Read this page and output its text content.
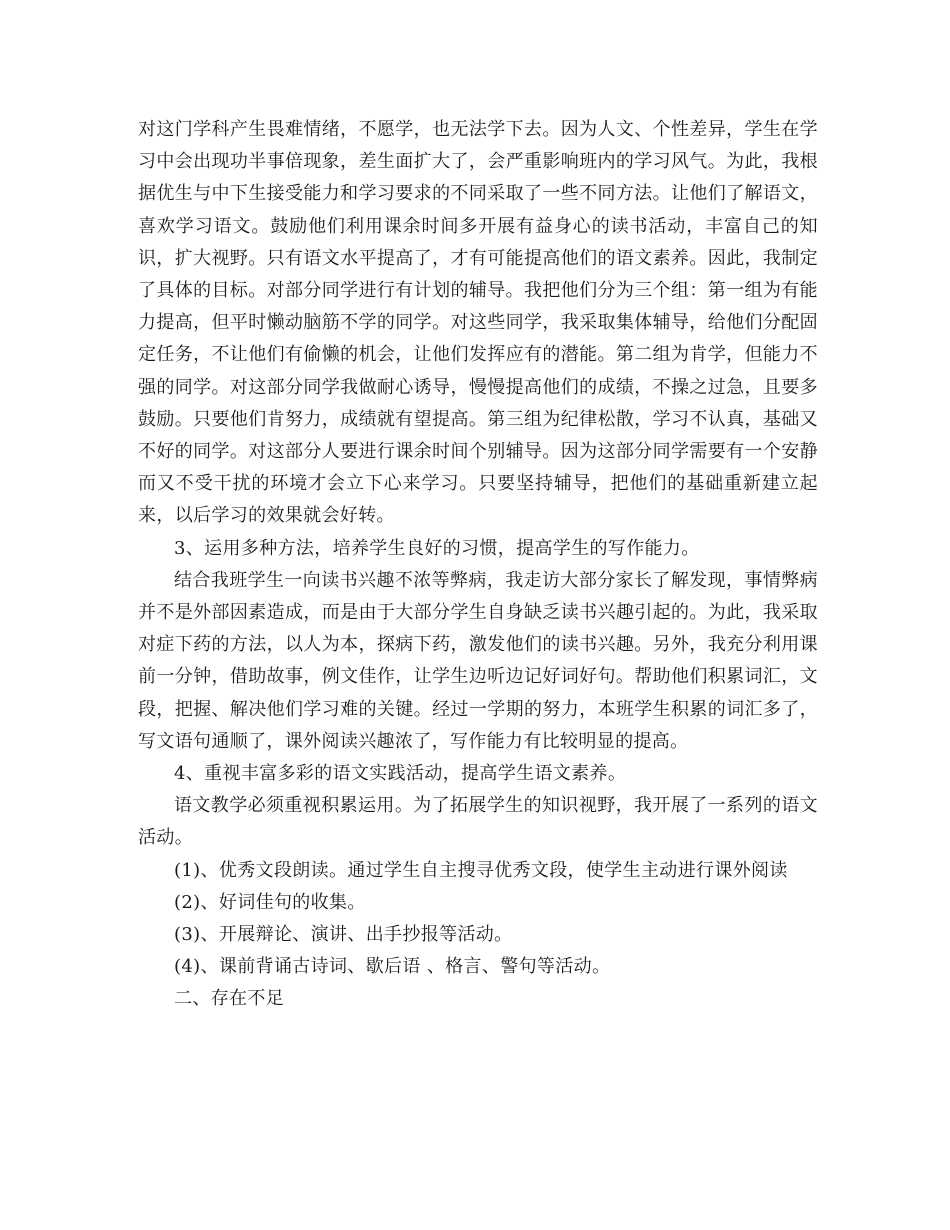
对这门学科产生畏难情绪，不愿学，也无法学下去。因为人文、个性差异，学生在学习中会出现功半事倍现象，差生面扩大了，会严重影响班内的学习风气。为此，我根据优生与中下生接受能力和学习要求的不同采取了一些不同方法。让他们了解语文，喜欢学习语文。鼓励他们利用课余时间多开展有益身心的读书活动，丰富自己的知识，扩大视野。只有语文水平提高了，才有可能提高他们的语文素养。因此，我制定了具体的目标。对部分同学进行有计划的辅导。我把他们分为三个组：第一组为有能力提高，但平时懒动脑筋不学的同学。对这些同学，我采取集体辅导，给他们分配固定任务，不让他们有偷懒的机会，让他们发挥应有的潜能。第二组为肯学，但能力不强的同学。对这部分同学我做耐心诱导，慢慢提高他们的成绩，不操之过急，且要多鼓励。只要他们肯努力，成绩就有望提高。第三组为纪律松散，学习不认真，基础又不好的同学。对这部分人要进行课余时间个别辅导。因为这部分同学需要有一个安静而又不受干扰的环境才会立下心来学习。只要坚持辅导，把他们的基础重新建立起来，以后学习的效果就会好转。

3、运用多种方法，培养学生良好的习惯，提高学生的写作能力。

结合我班学生一向读书兴趣不浓等弊病，我走访大部分家长了解发现，事情弊病并不是外部因素造成，而是由于大部分学生自身缺乏读书兴趣引起的。为此，我采取对症下药的方法，以人为本，探病下药，激发他们的读书兴趣。另外，我充分利用课前一分钟，借助故事，例文佳作，让学生边听边记好词好句。帮助他们积累词汇，文段，把握、解决他们学习难的关键。经过一学期的努力，本班学生积累的词汇多了，写文语句通顺了，课外阅读兴趣浓了，写作能力有比较明显的提高。

4、重视丰富多彩的语文实践活动，提高学生语文素养。

语文教学必须重视积累运用。为了拓展学生的知识视野，我开展了一系列的语文活动。

(1)、优秀文段朗读。通过学生自主搜寻优秀文段，使学生主动进行课外阅读

(2)、好词佳句的收集。

(3)、开展辩论、演讲、出手抄报等活动。

(4)、课前背诵古诗词、歇后语 、格言、警句等活动。

二、存在不足
